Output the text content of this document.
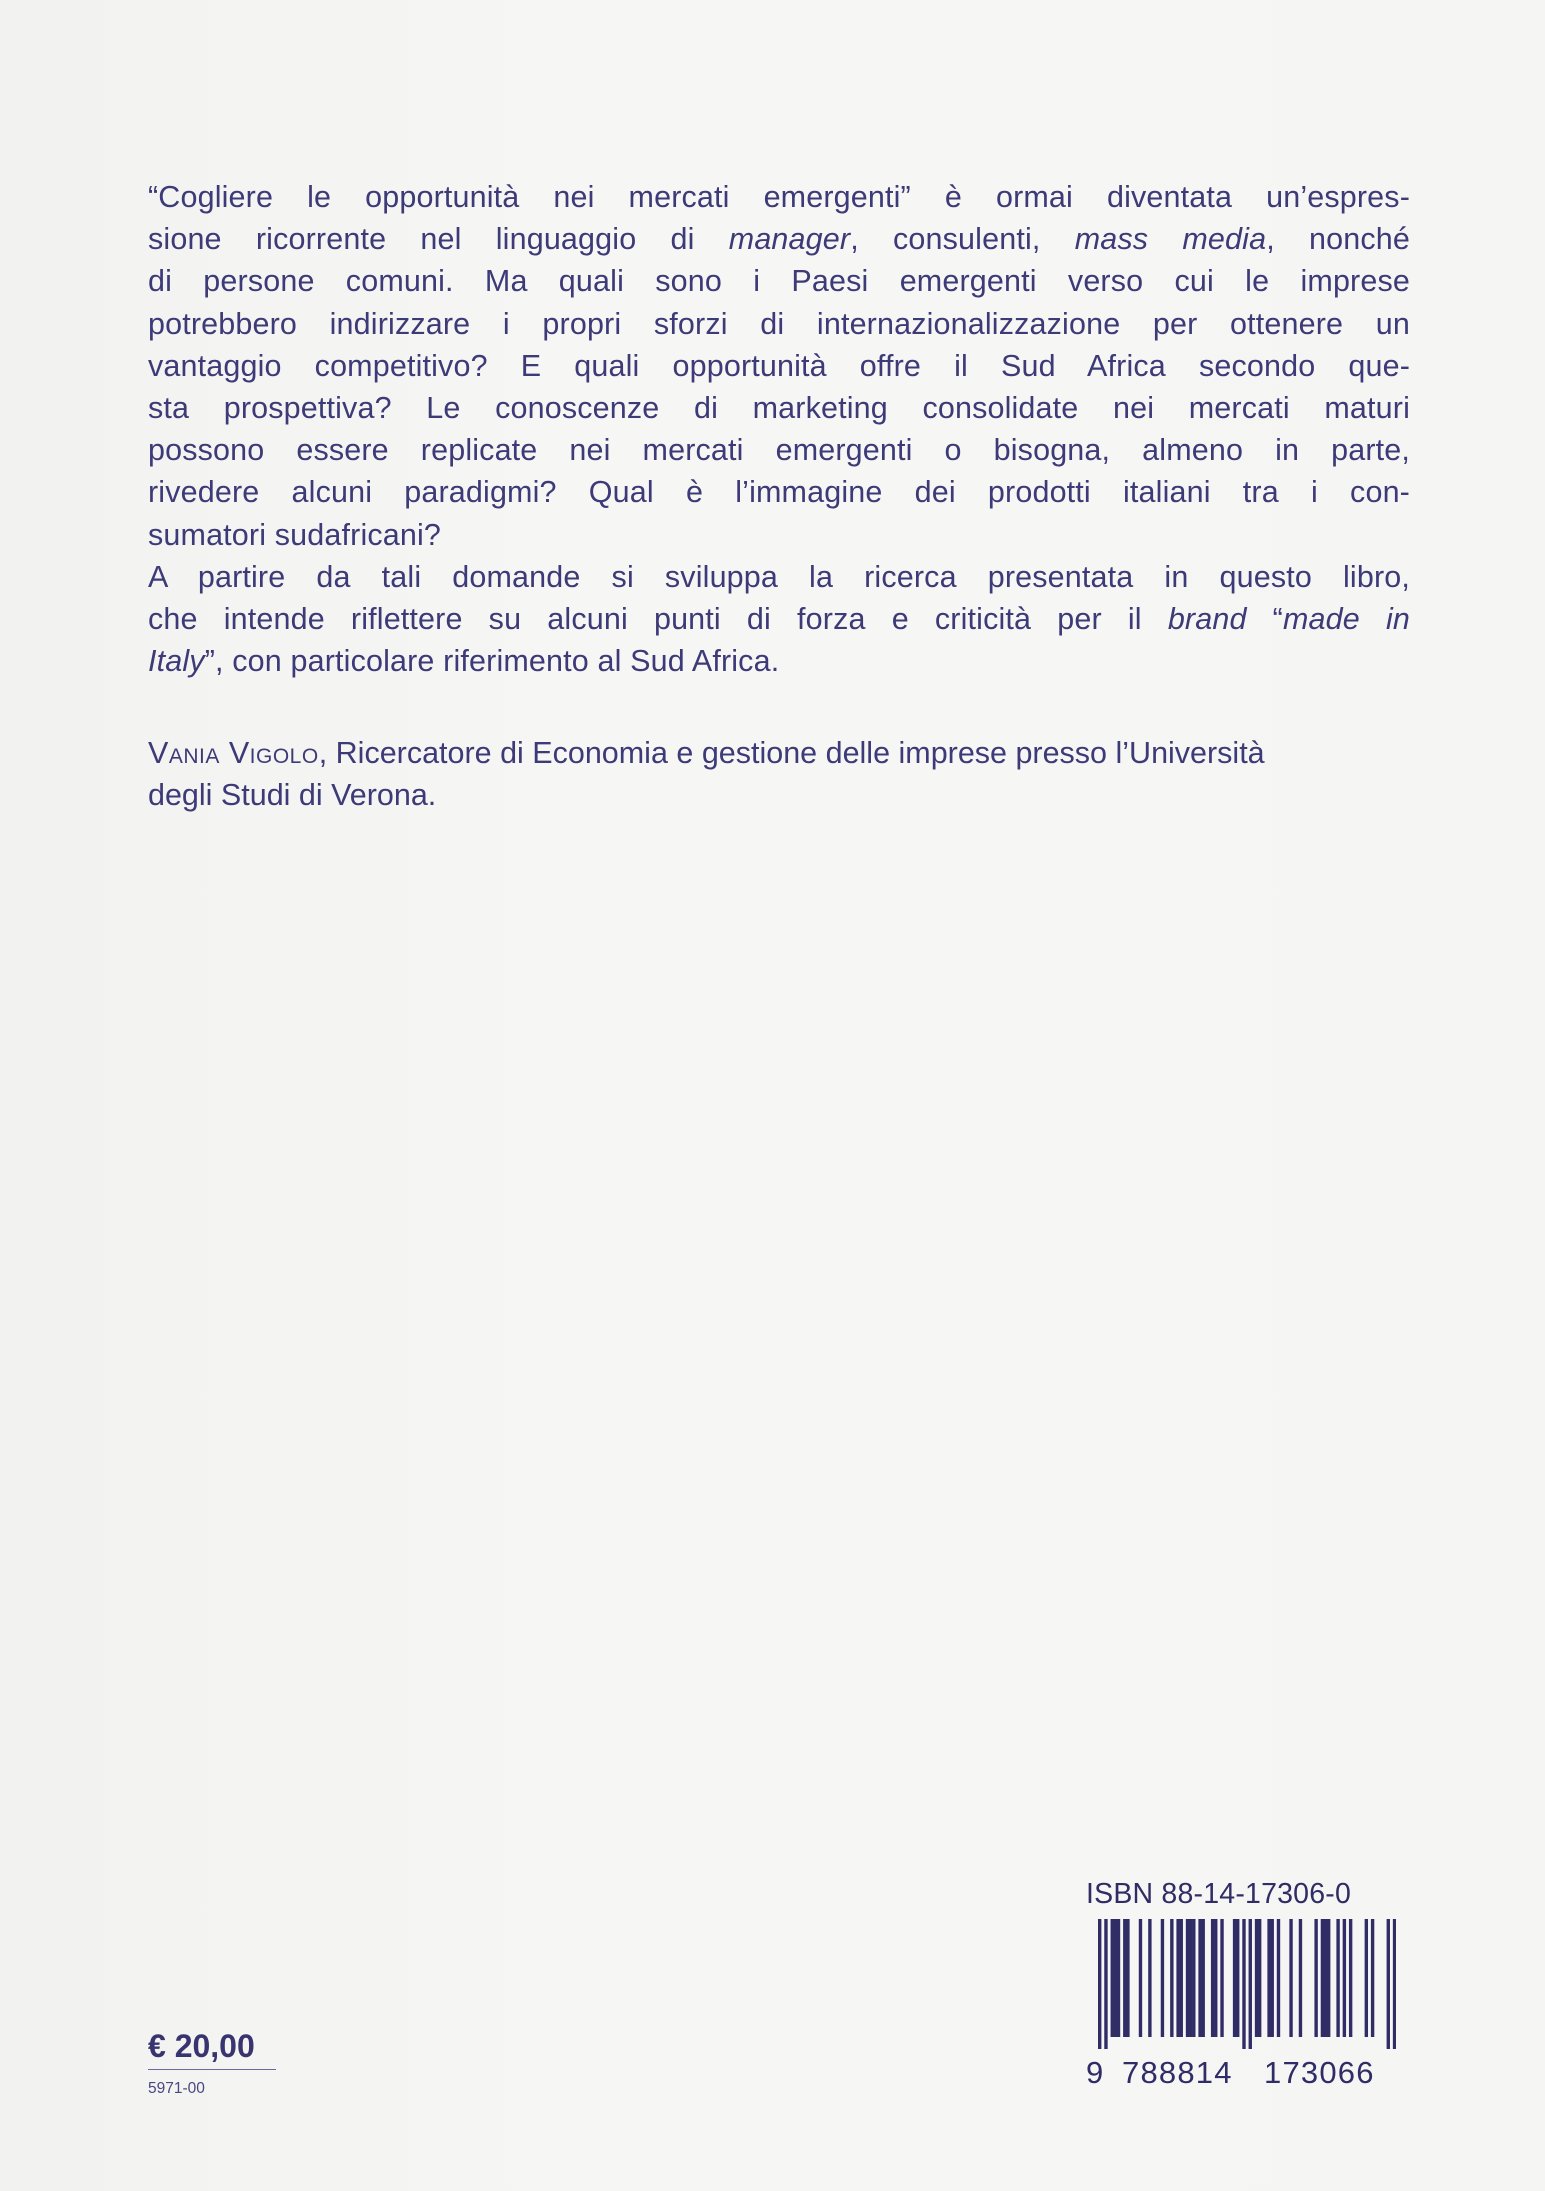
“Cogliere le opportunità nei mercati emergenti” è ormai diventata un’espres-
sione ricorrente nel linguaggio di manager, consulenti, mass media, nonché
di persone comuni. Ma quali sono i Paesi emergenti verso cui le imprese
potrebbero indirizzare i propri sforzi di internazionalizzazione per ottenere un
vantaggio competitivo? E quali opportunità offre il Sud Africa secondo que-
sta prospettiva? Le conoscenze di marketing consolidate nei mercati maturi
possono essere replicate nei mercati emergenti o bisogna, almeno in parte,
rivedere alcuni paradigmi? Qual è l’immagine dei prodotti italiani tra i con-
sumatori sudafricani?
A partire da tali domande si sviluppa la ricerca presentata in questo libro,
che intende riflettere su alcuni punti di forza e criticità per il brand “made in
Italy”, con particolare riferimento al Sud Africa.
Vania Vigolo, Ricercatore di Economia e gestione delle imprese presso l’Università
degli Studi di Verona.
ISBN 88-14-17306-0
9 788814 173066
€ 20,00
5971-00
